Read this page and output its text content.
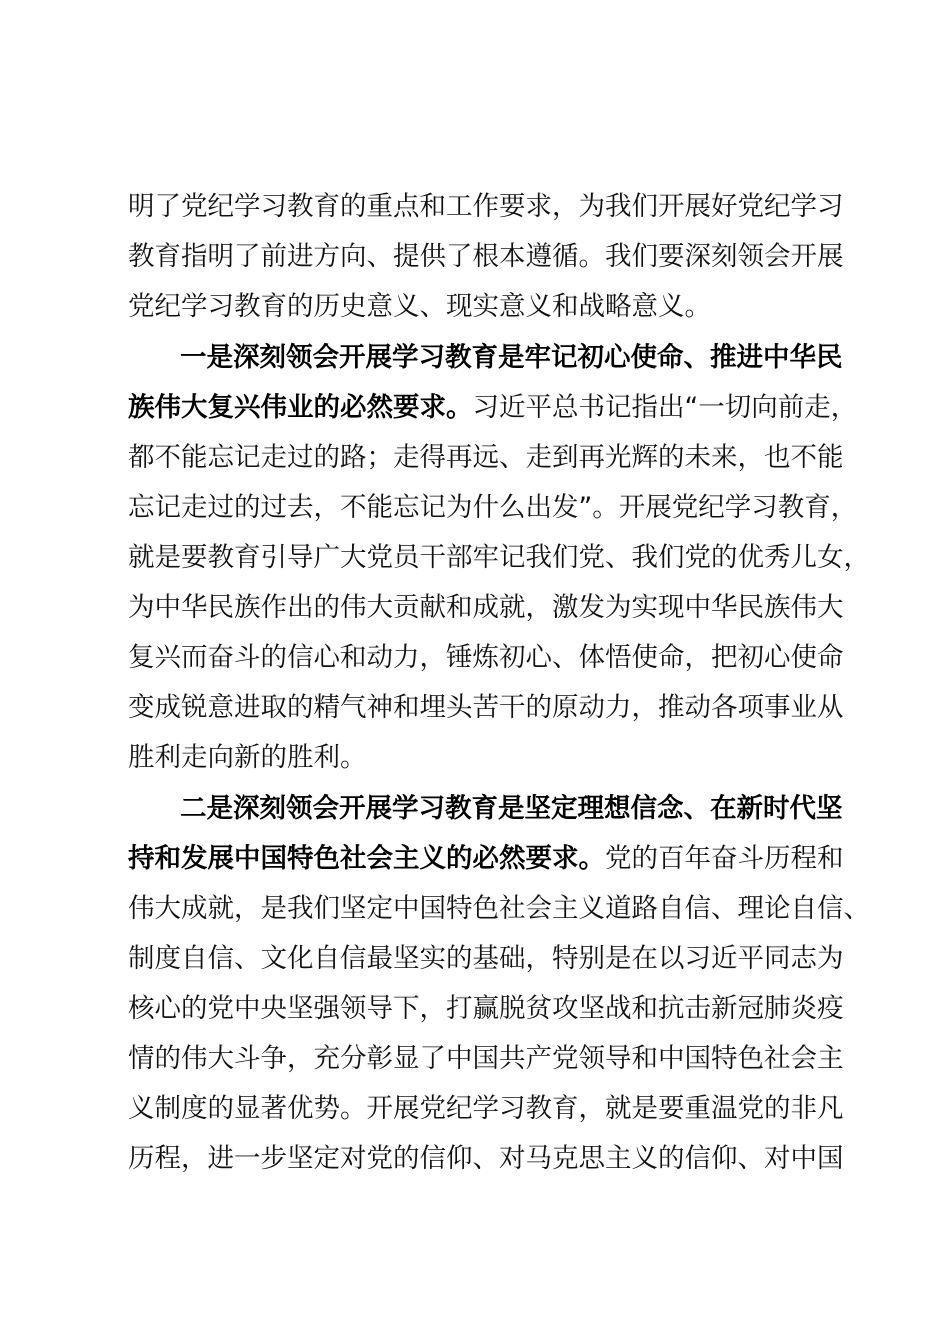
明了党纪学习教育的重点和工作要求，为我们开展好党纪学习
教育指明了前进方向、提供了根本遵循。我们要深刻领会开展
党纪学习教育的历史意义、现实意义和战略意义。
一是深刻领会开展学习教育是牢记初心使命、推进中华民
族伟大复兴伟业的必然要求。习近平总书记指出“一切向前走，
都不能忘记走过的路；走得再远、走到再光辉的未来，也不能
忘记走过的过去，不能忘记为什么出发”。开展党纪学习教育，
就是要教育引导广大党员干部牢记我们党、我们党的优秀儿女，
为中华民族作出的伟大贡献和成就，激发为实现中华民族伟大
复兴而奋斗的信心和动力，锤炼初心、体悟使命，把初心使命
变成锐意进取的精气神和埋头苦干的原动力，推动各项事业从
胜利走向新的胜利。
二是深刻领会开展学习教育是坚定理想信念、在新时代坚
持和发展中国特色社会主义的必然要求。党的百年奋斗历程和
伟大成就，是我们坚定中国特色社会主义道路自信、理论自信、
制度自信、文化自信最坚实的基础，特别是在以习近平同志为
核心的党中央坚强领导下，打赢脱贫攻坚战和抗击新冠肺炎疫
情的伟大斗争，充分彰显了中国共产党领导和中国特色社会主
义制度的显著优势。开展党纪学习教育，就是要重温党的非凡
历程，进一步坚定对党的信仰、对马克思主义的信仰、对中国
